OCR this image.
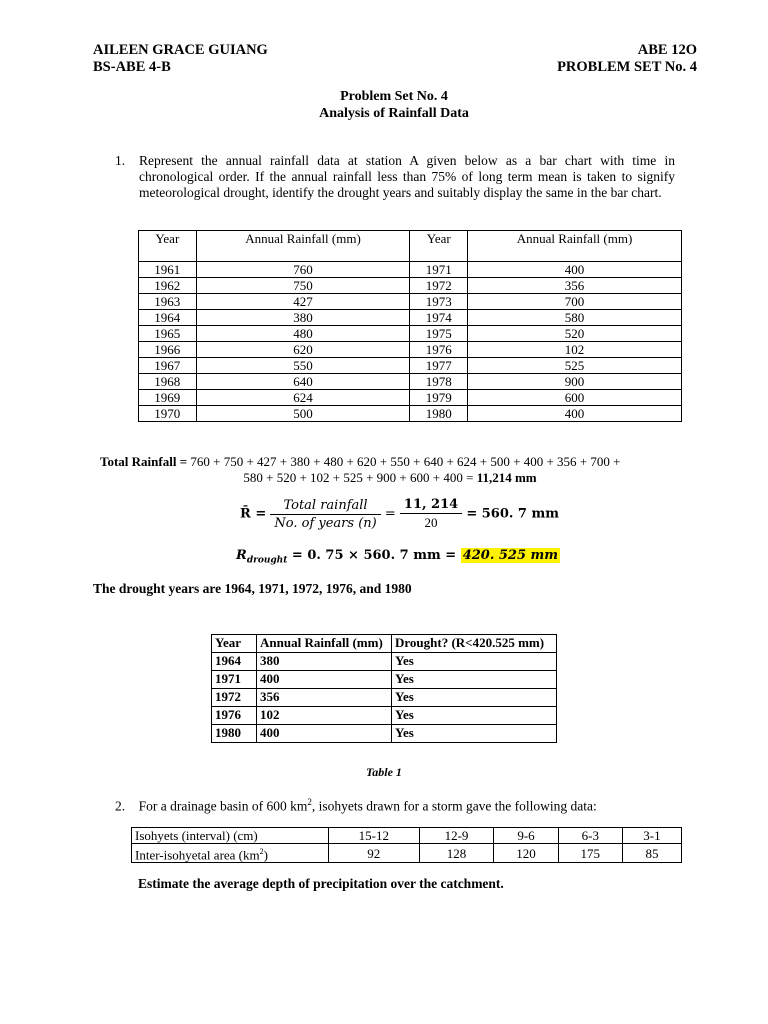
AILEEN GRACE GUIANG
BS-ABE 4-B
ABE 12O
PROBLEM SET No. 4
Problem Set No. 4
Analysis of Rainfall Data
1. Represent the annual rainfall data at station A given below as a bar chart with time in chronological order. If the annual rainfall less than 75% of long term mean is taken to signify meteorological drought, identify the drought years and suitably display the same in the bar chart.
Year	Annual Rainfall (mm)	Year	Annual Rainfall (mm)
1961	760	1971	400
1962	750	1972	356
1963	427	1973	700
1964	380	1974	580
1965	480	1975	520
1966	620	1976	102
1967	550	1977	525
1968	640	1978	900
1969	624	1979	600
1970	500	1980	400
Total Rainfall = 760 + 750 + 427 + 380 + 480 + 620 + 550 + 640 + 624 + 500 + 400 + 356 + 700 +
580 + 520 + 102 + 525 + 900 + 600 + 400 = 11,214 mm
R̄ = $\frac{\text{Total rainfall}}{\text{No. of years (n)}} = \frac{11, 214}{20} = 560$. 7 mm
$R_{drought} = 0$. 75 × 560. 7 mm = 420. 525 mm
The drought years are 1964, 1971, 1972, 1976, and 1980
Year	Annual Rainfall (mm)	Drought? (R<420.525 mm)
1964	380	Yes
1971	400	Yes
1972	356	Yes
1976	102	Yes
1980	400	Yes
Table 1
2. For a drainage basin of 600 $km^2$, isohyets drawn for a storm gave the following data:
Isohyets (interval) (cm)	15-12	12-9	9-6	6-3	3-1
Inter-isohyetal area $(km^2)$	92	128	120	175	85
Estimate the average depth of precipitation over the catchment.
